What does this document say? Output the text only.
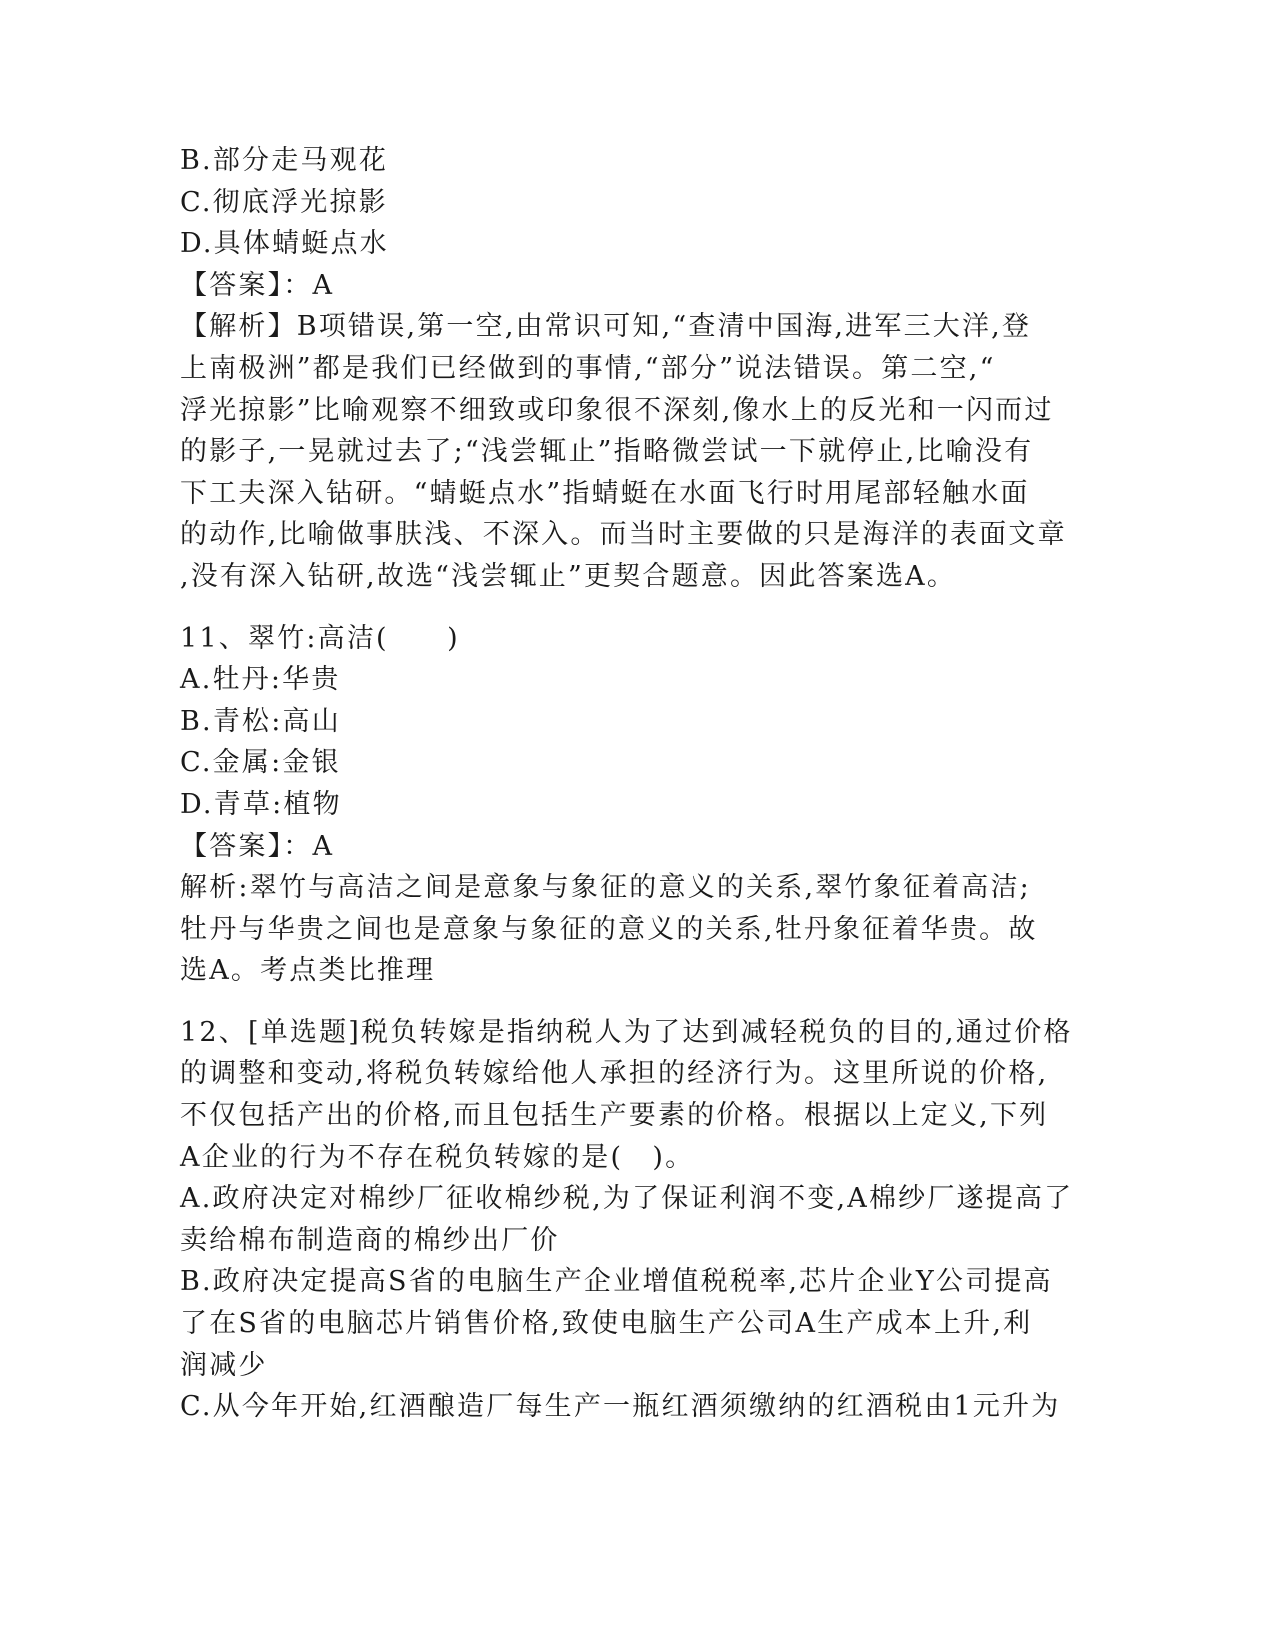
B.部分走马观花

C.彻底浮光掠影

D.具体蜻蜓点水

【答案】：A

【解析】B项错误,第一空,由常识可知,“查清中国海,进军三大洋,登

上南极洲”都是我们已经做到的事情,“部分”说法错误。第二空,“

浮光掠影”比喻观察不细致或印象很不深刻,像水上的反光和一闪而过

的影子,一晃就过去了;“浅尝辄止”指略微尝试一下就停止,比喻没有

下工夫深入钻研。“蜻蜓点水”指蜻蜓在水面飞行时用尾部轻触水面

的动作,比喻做事肤浅、不深入。而当时主要做的只是海洋的表面文章

,没有深入钻研,故选“浅尝辄止”更契合题意。因此答案选A。

11、翠竹:高洁(　　)

A.牡丹:华贵

B.青松:高山

C.金属:金银

D.青草:植物

【答案】：A

解析:翠竹与高洁之间是意象与象征的意义的关系,翠竹象征着高洁;

牡丹与华贵之间也是意象与象征的意义的关系,牡丹象征着华贵。故

选A。考点类比推理

12、[单选题]税负转嫁是指纳税人为了达到减轻税负的目的,通过价格

的调整和变动,将税负转嫁给他人承担的经济行为。这里所说的价格,

不仅包括产出的价格,而且包括生产要素的价格。根据以上定义,下列

A企业的行为不存在税负转嫁的是(　)。

A.政府决定对棉纱厂征收棉纱税,为了保证利润不变,A棉纱厂遂提高了

卖给棉布制造商的棉纱出厂价

B.政府决定提高S省的电脑生产企业增值税税率,芯片企业Y公司提高

了在S省的电脑芯片销售价格,致使电脑生产公司A生产成本上升,利

润减少

C.从今年开始,红酒酿造厂每生产一瓶红酒须缴纳的红酒税由1元升为
